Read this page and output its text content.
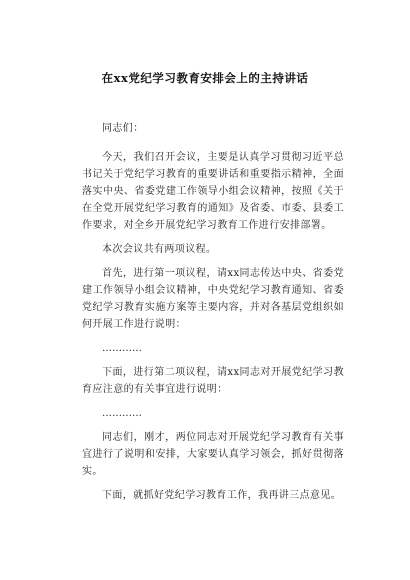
在xx党纪学习教育安排会上的主持讲话

同志们：

今天，我们召开会议，主要是认真学习贯彻习近平总书记关于党纪学习教育的重要讲话和重要指示精神，全面落实中央、省委党建工作领导小组会议精神，按照《关于在全党开展党纪学习教育的通知》及省委、市委、县委工作要求，对全乡开展党纪学习教育工作进行安排部署。

本次会议共有两项议程。

首先，进行第一项议程，请xx同志传达中央、省委党建工作领导小组会议精神，中央党纪学习教育通知、省委党纪学习教育实施方案等主要内容，并对各基层党组织如何开展工作进行说明：

…………

下面，进行第二项议程，请xx同志对开展党纪学习教育应注意的有关事宜进行说明：

…………

同志们，刚才，两位同志对开展党纪学习教育有关事宜进行了说明和安排，大家要认真学习领会，抓好贯彻落实。

下面，就抓好党纪学习教育工作，我再讲三点意见。
